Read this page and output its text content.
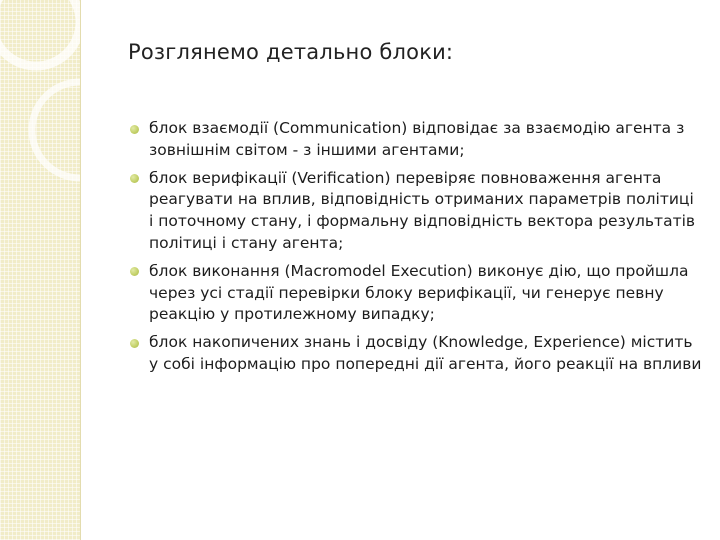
Розглянемо детально блоки:
блок взаємодії (Communication) відповідає за взаємодію агента з зовнішнім світом - з іншими агентами;
блок верифікації (Verification) перевіряє повноваження агента реагувати на вплив, відповідність отриманих параметрів політиці і поточному стану, і формальну відповідність вектора результатів політиці і стану агента;
блок виконання (Macromodel Execution) виконує дію, що пройшла через усі стадії перевірки блоку верифікації, чи генерує певну реакцію у протилежному випадку;
блок накопичених знань і досвіду (Knowledge, Experience) містить у собі інформацію про попередні дії агента, його реакції на впливи
